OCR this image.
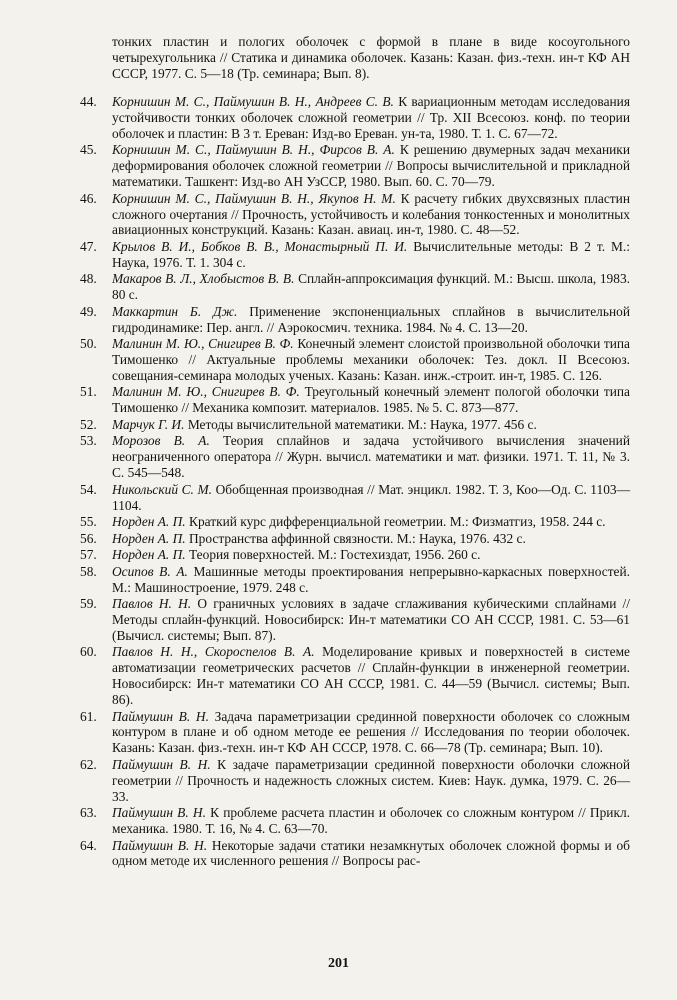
тонких пластин и пологих оболочек с формой в плане в виде косоугольного четырехугольника // Статика и динамика оболочек. Казань: Казан. физ.-техн. ин-т КФ АН СССР, 1977. С. 5—18 (Тр. семинара; Вып. 8).

44.	Корнишин М. С., Паймушин В. Н., Андреев С. В. К вариационным методам исследования устойчивости тонких оболочек сложной геометрии // Тр. XII Всесоюз. конф. по теории оболочек и пластин: В 3 т. Ереван: Изд-во Ереван. ун-та, 1980. Т. 1. С. 67—72.
45.	Корнишин М. С., Паймушин В. Н., Фирсов В. А. К решению двумерных задач механики деформирования оболочек сложной геометрии // Вопросы вычислительной и прикладной математики. Ташкент: Изд-во АН УзССР, 1980. Вып. 60. С. 70—79.
46.	Корнишин М. С., Паймушин В. Н., Якупов Н. М. К расчету гибких двухсвязных пластин сложного очертания // Прочность, устойчивость и колебания тонкостенных и монолитных авиационных конструкций. Казань: Казан. авиац. ин-т, 1980. С. 48—52.
47.	Крылов В. И., Бобков В. В., Монастырный П. И. Вычислительные методы: В 2 т. М.: Наука, 1976. Т. 1. 304 с.
48.	Макаров В. Л., Хлобыстов В. В. Сплайн-аппроксимация функций. М.: Высш. школа, 1983. 80 с.
49.	Маккартин Б. Дж. Применение экспоненциальных сплайнов в вычислительной гидродинамике: Пер. англ. // Аэрокосмич. техника. 1984. № 4. С. 13—20.
50.	Малинин М. Ю., Снигирев В. Ф. Конечный элемент слоистой произвольной оболочки типа Тимошенко // Актуальные проблемы механики оболочек: Тез. докл. II Всесоюз. совещания-семинара молодых ученых. Казань: Казан. инж.-строит. ин-т, 1985. С. 126.
51.	Малинин М. Ю., Снигирев В. Ф. Треугольный конечный элемент пологой оболочки типа Тимошенко // Механика композит. материалов. 1985. № 5. С. 873—877.
52.	Марчук Г. И. Методы вычислительной математики. М.: Наука, 1977. 456 с.
53.	Морозов В. А. Теория сплайнов и задача устойчивого вычисления значений неограниченного оператора // Журн. вычисл. математики и мат. физики. 1971. Т. 11, № 3. С. 545—548.
54.	Никольский С. М. Обобщенная производная // Мат. энцикл. 1982. Т. 3, Коо—Од. С. 1103—1104.
55.	Норден А. П. Краткий курс дифференциальной геометрии. М.: Физматгиз, 1958. 244 с.
56.	Норден А. П. Пространства аффинной связности. М.: Наука, 1976. 432 с.
57.	Норден А. П. Теория поверхностей. М.: Гостехиздат, 1956. 260 с.
58.	Осипов В. А. Машинные методы проектирования непрерывно-каркасных поверхностей. М.: Машиностроение, 1979. 248 с.
59.	Павлов Н. Н. О граничных условиях в задаче сглаживания кубическими сплайнами // Методы сплайн-функций. Новосибирск: Ин-т математики СО АН СССР, 1981. С. 53—61 (Вычисл. системы; Вып. 87).
60.	Павлов Н. Н., Скороспелов В. А. Моделирование кривых и поверхностей в системе автоматизации геометрических расчетов // Сплайн-функции в инженерной геометрии. Новосибирск: Ин-т математики СО АН СССР, 1981. С. 44—59 (Вычисл. системы; Вып. 86).
61.	Паймушин В. Н. Задача параметризации срединной поверхности оболочек со сложным контуром в плане и об одном методе ее решения // Исследования по теории оболочек. Казань: Казан. физ.-техн. ин-т КФ АН СССР, 1978. С. 66—78 (Тр. семинара; Вып. 10).
62.	Паймушин В. Н. К задаче параметризации срединной поверхности оболочки сложной геометрии // Прочность и надежность сложных систем. Киев: Наук. думка, 1979. С. 26—33.
63.	Паймушин В. Н. К проблеме расчета пластин и оболочек со сложным контуром // Прикл. механика. 1980. Т. 16, № 4. С. 63—70.
64.	Паймушин В. Н. Некоторые задачи статики незамкнутых оболочек сложной формы и об одном методе их численного решения // Вопросы рас-
201
